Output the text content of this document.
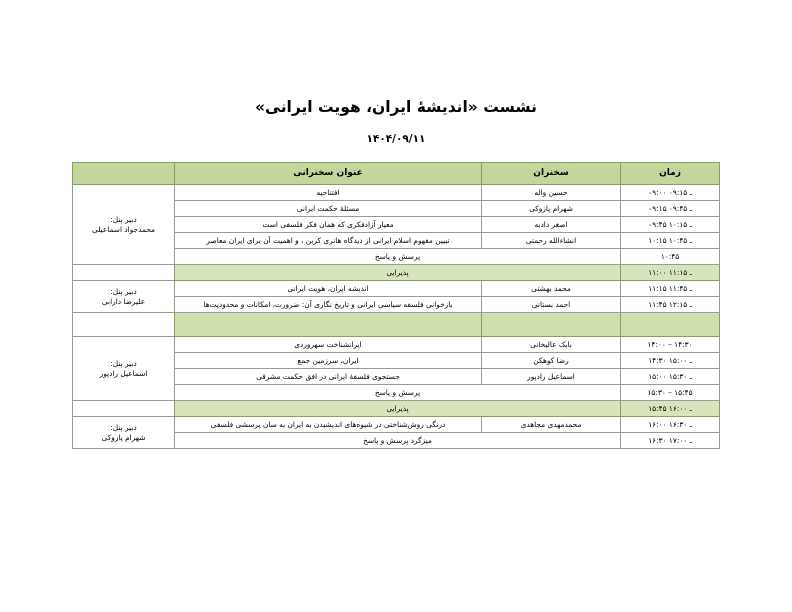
نشست «اندیشهٔ ایران، هویت ایرانی»
۱۴۰۴/۰۹/۱۱
زمان	سخنران	عنوان سخنرانی	
۰۹:۰۰ ـ ۰۹:۱۵	حسین واله	افتتاحیه	دبیر پنل:
محمدجواد اسماعیلی

۰۹:۱۵ ـ ۰۹:۴۵	شهرام پازوکی	مسئلۀ حکمت ایرانی	
۰۹:۴۵ ـ ۱۰:۱۵	اصغر دادبه	معیار آزادفکری که همان فکر فلسفی است	
۱۰:۱۵ ـ ۱۰:۴۵	انشاءالله رحمتی	تبیین مفهوم اسلام ایرانی از دیدگاه هانری کربن ، و اهمیت آن برای ایران معاصر	
۱۰:۴۵	پرسش و پاسخ		
۱۱:۰۰ ـ ۱۱:۱۵	پذیرایی		
۱۱:۱۵ ـ ۱۱:۴۵	محمد بهشتی	اندیشه ایران، هویت ایرانی	دبیر پنل:
علیرضا دارابی

۱۱:۴۵ ـ ۱۲:۱۵	احمد بستانی	بازخوانی فلسفه سیاسی ایرانی و تاریخ نگاری آن: ضرورت، امکانات و محدودیت‌ها	

۱۴:۰۰ – ۱۴:۳۰	بابک عالیخانی	ایرانشناخت سهروردی	دبیر پنل:
اسماعیل رادپور

۱۴:۳۰ ـ ۱۵:۰۰	رضا کوهکن	ایران، سرزمین جمع	
۱۵:۰۰ ـ ۱۵:۳۰	اسماعیل رادپور	جستجوی فلسفۀ ایرانی در افق حکمت مشرقی	
۱۵:۳۰ – ۱۵:۴۵	پرسش و پاسخ		
۱۵:۴۵ ـ ۱۶:۰۰	پذیرایی		
۱۶:۰۰ ـ ۱۶:۳۰	محمدمهدی مجاهدی	درنگی روش‌شناختی در شیوه‌های اندیشیدن به ایران به سان پرسشی فلسفی	دبیر پنل:
شهرام پازوکی

۱۶:۳۰ ـ ۱۷:۰۰	میزگرد پرسش و پاسخ		
